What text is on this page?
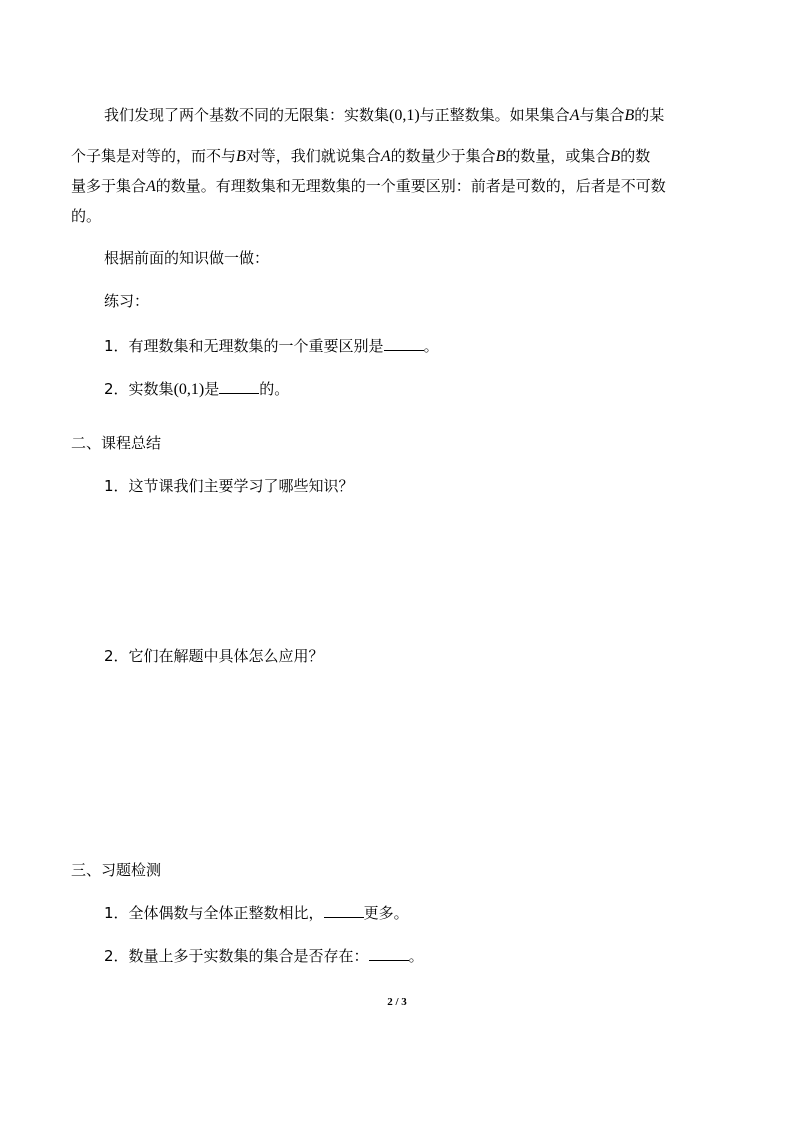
我们发现了两个基数不同的无限集：实数集(0,1)与正整数集。如果集合A与集合B的某
个子集是对等的，而不与B对等，我们就说集合A的数量少于集合B的数量，或集合B的数
量多于集合A的数量。有理数集和无理数集的一个重要区别：前者是可数的，后者是不可数
的。
根据前面的知识做一做：
练习：
1．有理数集和无理数集的一个重要区别是	。
2．实数集(0,1)是	的。
二、课程总结
1．这节课我们主要学习了哪些知识？
2．它们在解题中具体怎么应用？
三、习题检测
1．全体偶数与全体正整数相比，	更多。
2．数量上多于实数集的集合是否存在：	。
2 / 3
